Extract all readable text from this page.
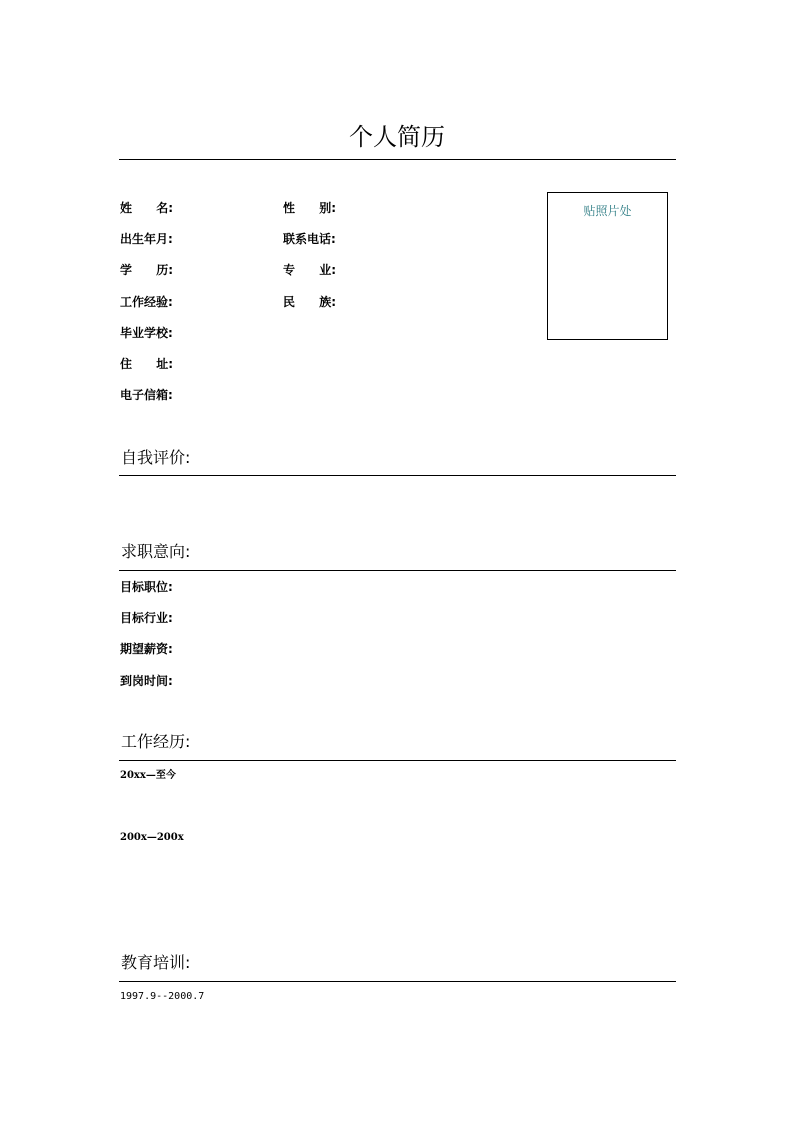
个人简历
姓 名:
出生年月:
学 历:
工作经验:
毕业学校:
住 址:
电子信箱:
性 别:
联系电话:
专 业:
民 族:
贴照片处
自我评价:
求职意向:
目标职位:
目标行业:
期望薪资:
到岗时间:
工作经历:
20xx—至今
200x—200x
教育培训:
1997.9--2000.7
